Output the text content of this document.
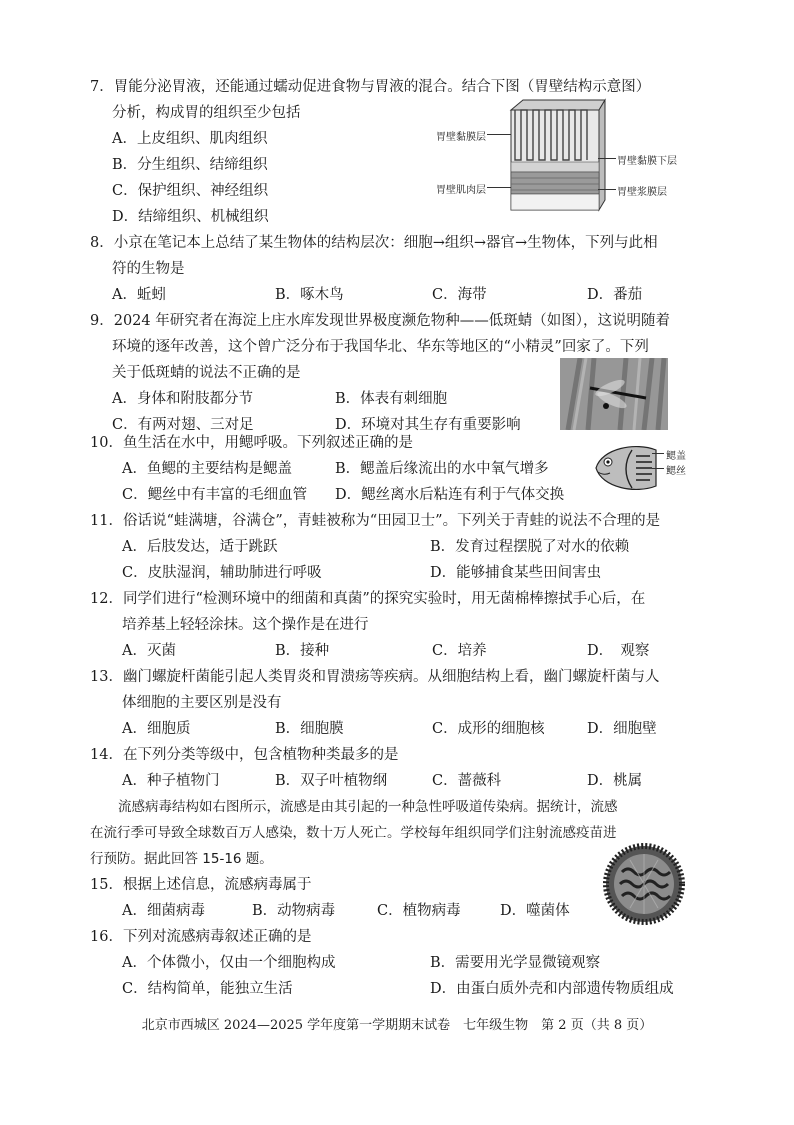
7．胃能分泌胃液，还能通过蠕动促进食物与胃液的混合。结合下图（胃壁结构示意图）
分析，构成胃的组织至少包括
A．上皮组织、肌肉组织
B．分生组织、结缔组织
C．保护组织、神经组织
D．结缔组织、机械组织
胃壁黏膜层
胃壁黏膜下层
胃壁肌肉层	胃壁浆膜层
8．小京在笔记本上总结了某生物体的结构层次：细胞→组织→器官→生物体，下列与此相
符的生物是
A．蚯蚓	B．啄木鸟	C．海带	D．番茄
9．2024 年研究者在海淀上庄水库发现世界极度濒危物种——低斑蜻（如图），这说明随着
环境的逐年改善，这个曾广泛分布于我国华北、华东等地区的“小精灵”回家了。下列
关于低斑蜻的说法不正确的是
A．身体和附肢都分节	B．体表有刺细胞
C．有两对翅、三对足	D．环境对其生存有重要影响
10．鱼生活在水中，用鳃呼吸。下列叙述正确的是
A．鱼鳃的主要结构是鳃盖	B．鳃盖后缘流出的水中氧气增多
C．鳃丝中有丰富的毛细血管 D．鳃丝离水后粘连有利于气体交换
鳃盖
鳃丝
11．俗话说“蛙满塘，谷满仓”，青蛙被称为“田园卫士”。下列关于青蛙的说法不合理的是
A．后肢发达，适于跳跃	B．发育过程摆脱了对水的依赖
C．皮肤湿润，辅助肺进行呼吸	D．能够捕食某些田间害虫
12．同学们进行“检测环境中的细菌和真菌”的探究实验时，用无菌棉棒擦拭手心后，在
培养基上轻轻涂抹。这个操作是在进行
A．灭菌	B．接种	C．培养	D．　观察
13．幽门螺旋杆菌能引起人类胃炎和胃溃疡等疾病。从细胞结构上看，幽门螺旋杆菌与人
体细胞的主要区别是没有
A．细胞质	B．细胞膜	C．成形的细胞核	D．细胞壁
14．在下列分类等级中，包含植物种类最多的是
A．种子植物门	B．双子叶植物纲	C．蔷薇科	D．桃属
流感病毒结构如右图所示，流感是由其引起的一种急性呼吸道传染病。据统计，流感
在流行季可导致全球数百万人感染，数十万人死亡。学校每年组织同学们注射流感疫苗进
行预防。据此回答 15-16 题。
15．根据上述信息，流感病毒属于
A．细菌病毒	B．动物病毒	C．植物病毒	D．噬菌体
16．下列对流感病毒叙述正确的是
A．个体微小，仅由一个细胞构成	B．需要用光学显微镜观察
C．结构简单，能独立生活	D．由蛋白质外壳和内部遗传物质组成
北京市西城区 2024—2025 学年度第一学期期末试卷　七年级生物　第 2 页（共 8 页）
